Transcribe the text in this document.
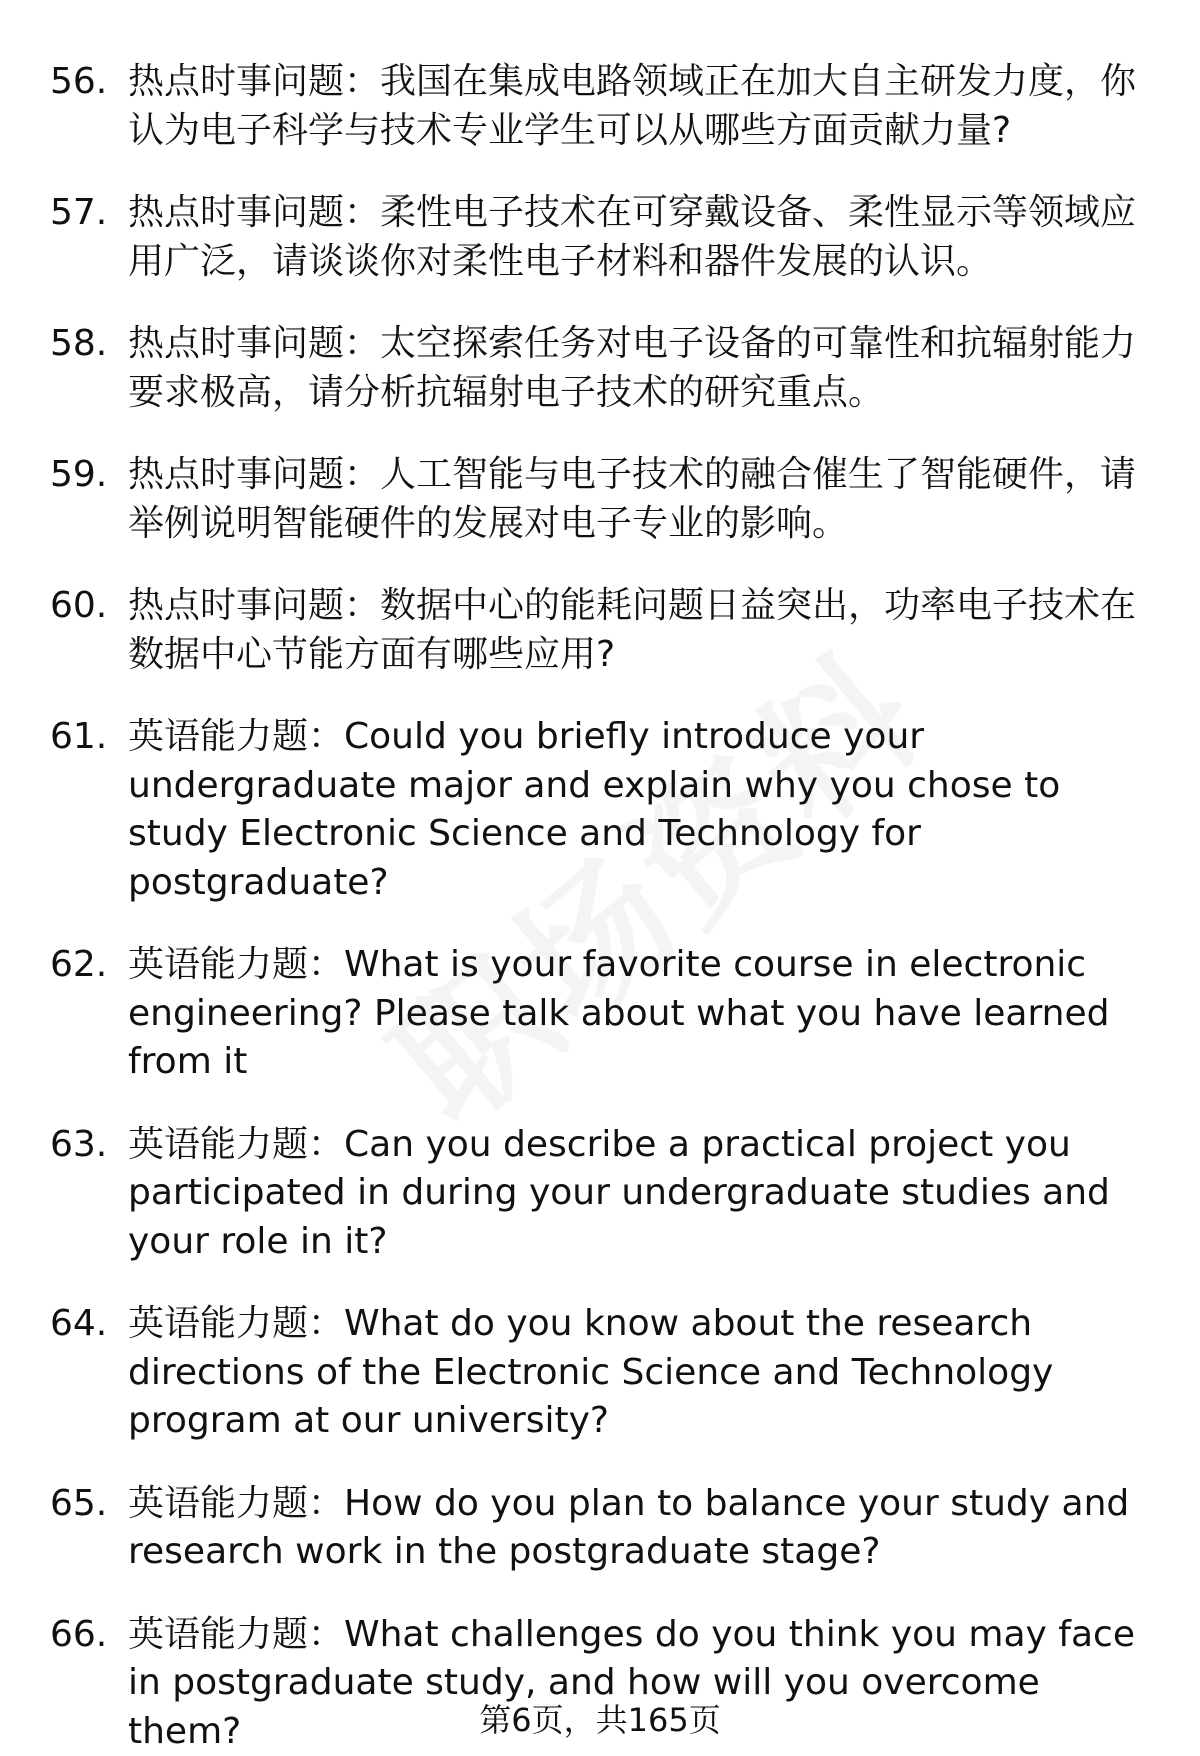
56. 热点时事问题：我国在集成电路领域正在加大自主研发力度，你认为电子科学与技术专业学生可以从哪些方面贡献力量?
57. 热点时事问题：柔性电子技术在可穿戴设备、柔性显示等领域应用广泛，请谈谈你对柔性电子材料和器件发展的认识。
58. 热点时事问题：太空探索任务对电子设备的可靠性和抗辐射能力要求极高，请分析抗辐射电子技术的研究重点。
59. 热点时事问题：人工智能与电子技术的融合催生了智能硬件，请举例说明智能硬件的发展对电子专业的影响。
60. 热点时事问题：数据中心的能耗问题日益突出，功率电子技术在数据中心节能方面有哪些应用?
61. 英语能力题：Could you briefly introduce your undergraduate major and explain why you chose to study Electronic Science and Technology for postgraduate?
62. 英语能力题：What is your favorite course in electronic engineering? Please talk about what you have learned from it
63. 英语能力题：Can you describe a practical project you participated in during your undergraduate studies and your role in it?
64. 英语能力题：What do you know about the research directions of the Electronic Science and Technology program at our university?
65. 英语能力题：How do you plan to balance your study and research work in the postgraduate stage?
66. 英语能力题：What challenges do you think you may face in postgraduate study, and how will you overcome them?	第6页，共165页
